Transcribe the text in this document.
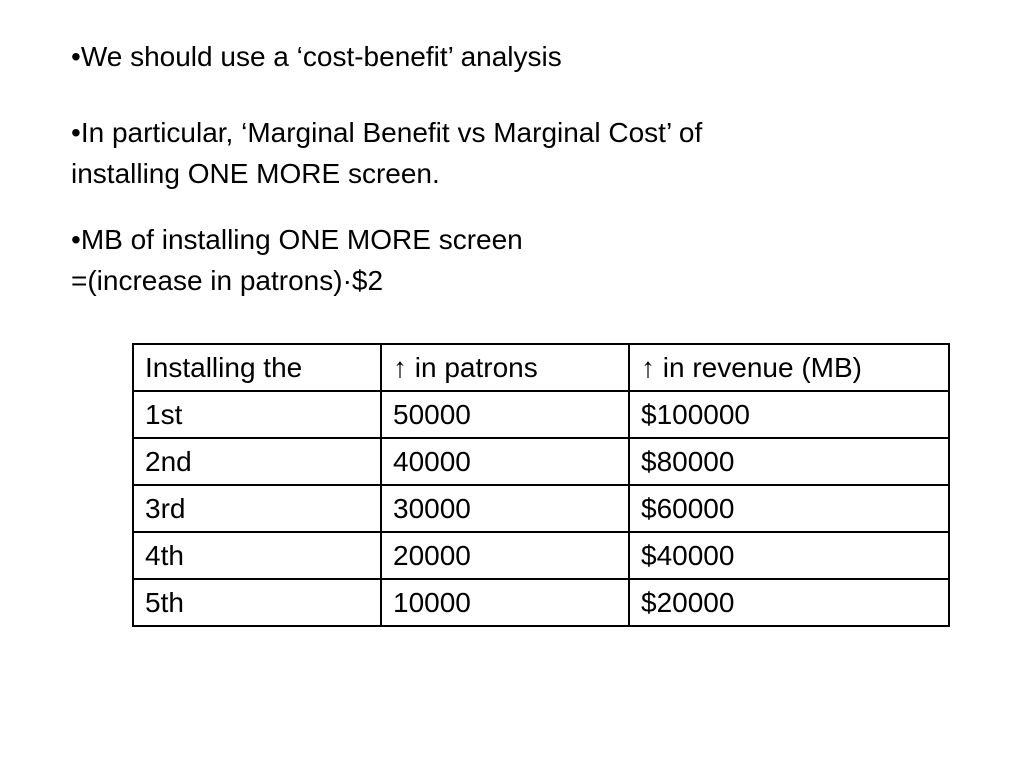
•We should use a ‘cost-benefit’ analysis

•In particular, ‘Marginal Benefit vs Marginal Cost’ of
installing ONE MORE screen.

•MB of installing ONE MORE screen
=(increase in patrons)·$2

Installing the	↑ in patrons	↑ in revenue (MB)
1st	50000	$100000
2nd	40000	$80000
3rd	30000	$60000
4th	20000	$40000
5th	10000	$20000
